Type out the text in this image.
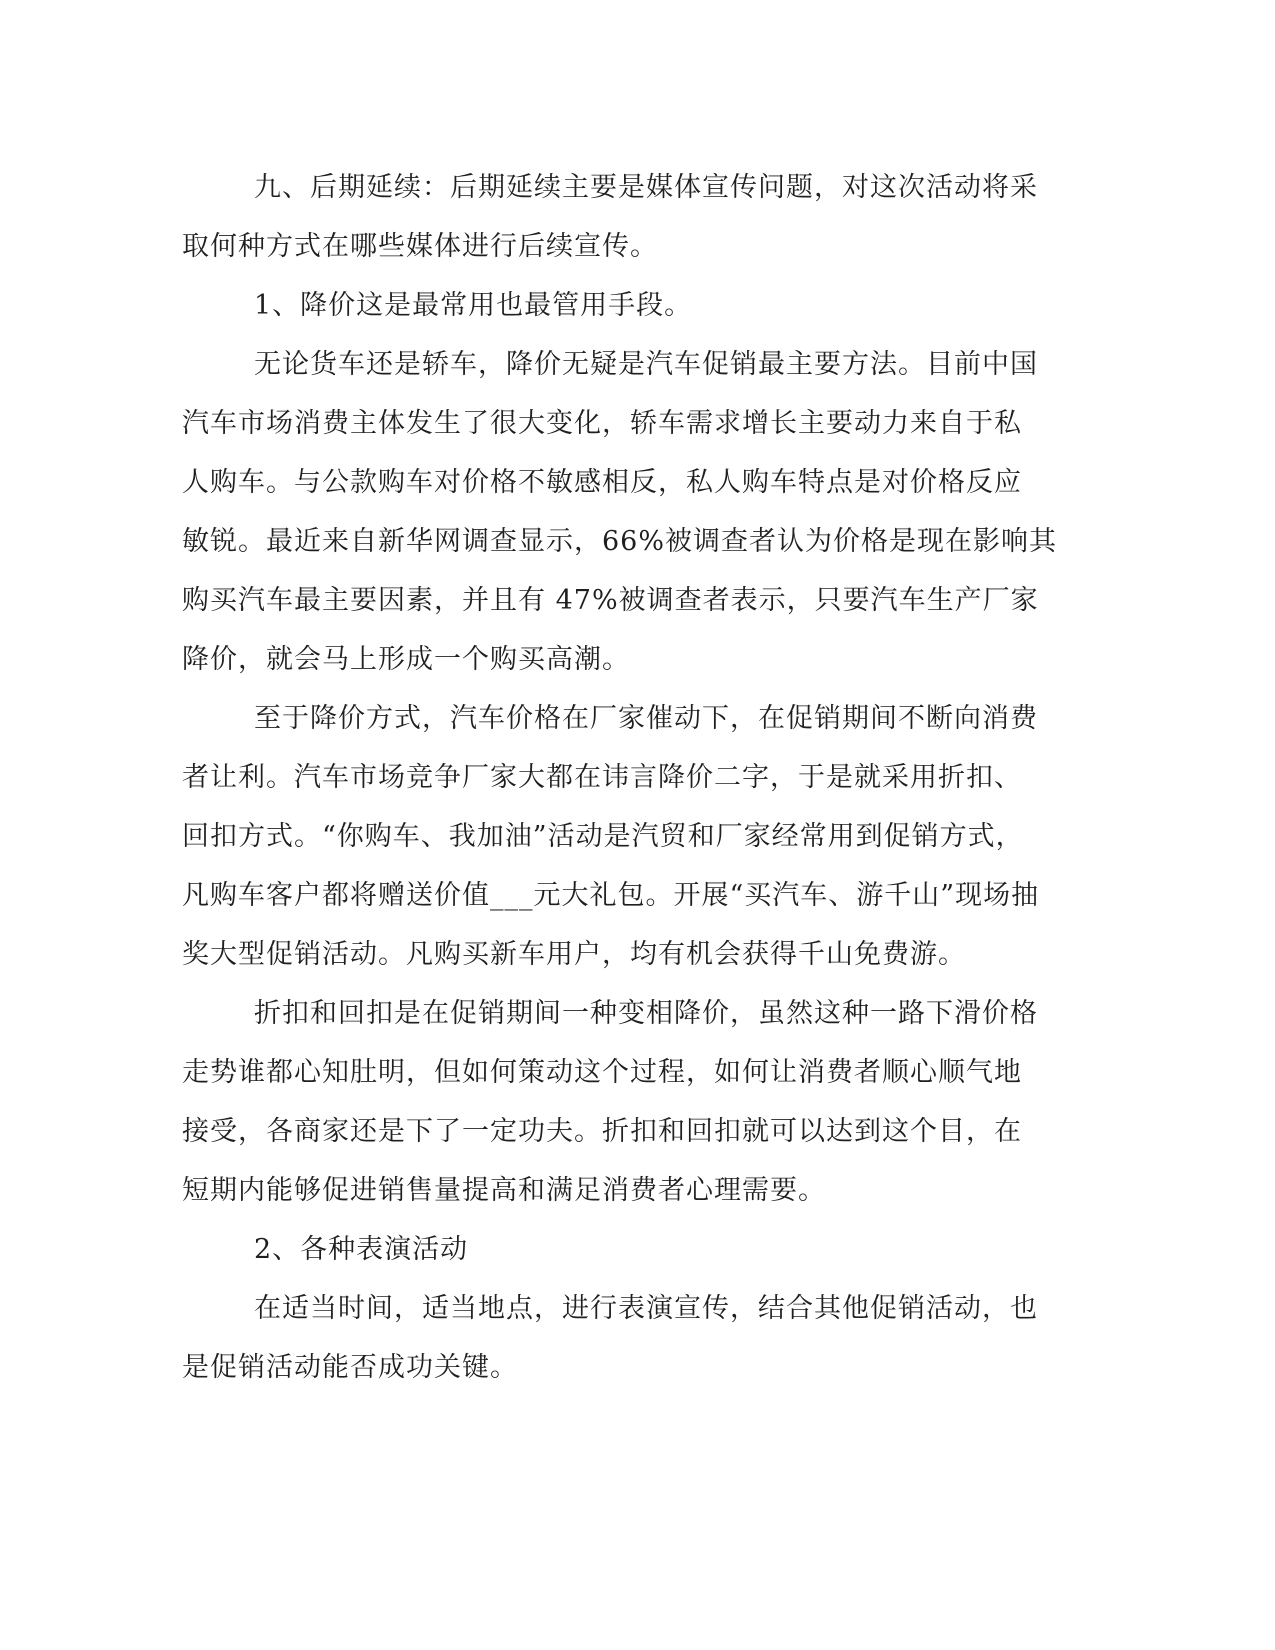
九、后期延续：后期延续主要是媒体宣传问题，对这次活动将采
取何种方式在哪些媒体进行后续宣传。

1、降价这是最常用也最管用手段。

无论货车还是轿车，降价无疑是汽车促销最主要方法。目前中国
汽车市场消费主体发生了很大变化，轿车需求增长主要动力来自于私
人购车。与公款购车对价格不敏感相反，私人购车特点是对价格反应
敏锐。最近来自新华网调查显示，66%被调查者认为价格是现在影响其
购买汽车最主要因素，并且有 47%被调查者表示，只要汽车生产厂家
降价，就会马上形成一个购买高潮。

至于降价方式，汽车价格在厂家催动下，在促销期间不断向消费
者让利。汽车市场竞争厂家大都在讳言降价二字，于是就采用折扣、
回扣方式。“你购车、我加油”活动是汽贸和厂家经常用到促销方式，
凡购车客户都将赠送价值___元大礼包。开展“买汽车、游千山”现场抽
奖大型促销活动。凡购买新车用户，均有机会获得千山免费游。

折扣和回扣是在促销期间一种变相降价，虽然这种一路下滑价格
走势谁都心知肚明，但如何策动这个过程，如何让消费者顺心顺气地
接受，各商家还是下了一定功夫。折扣和回扣就可以达到这个目，在
短期内能够促进销售量提高和满足消费者心理需要。

2、各种表演活动

在适当时间，适当地点，进行表演宣传，结合其他促销活动，也
是促销活动能否成功关键。
